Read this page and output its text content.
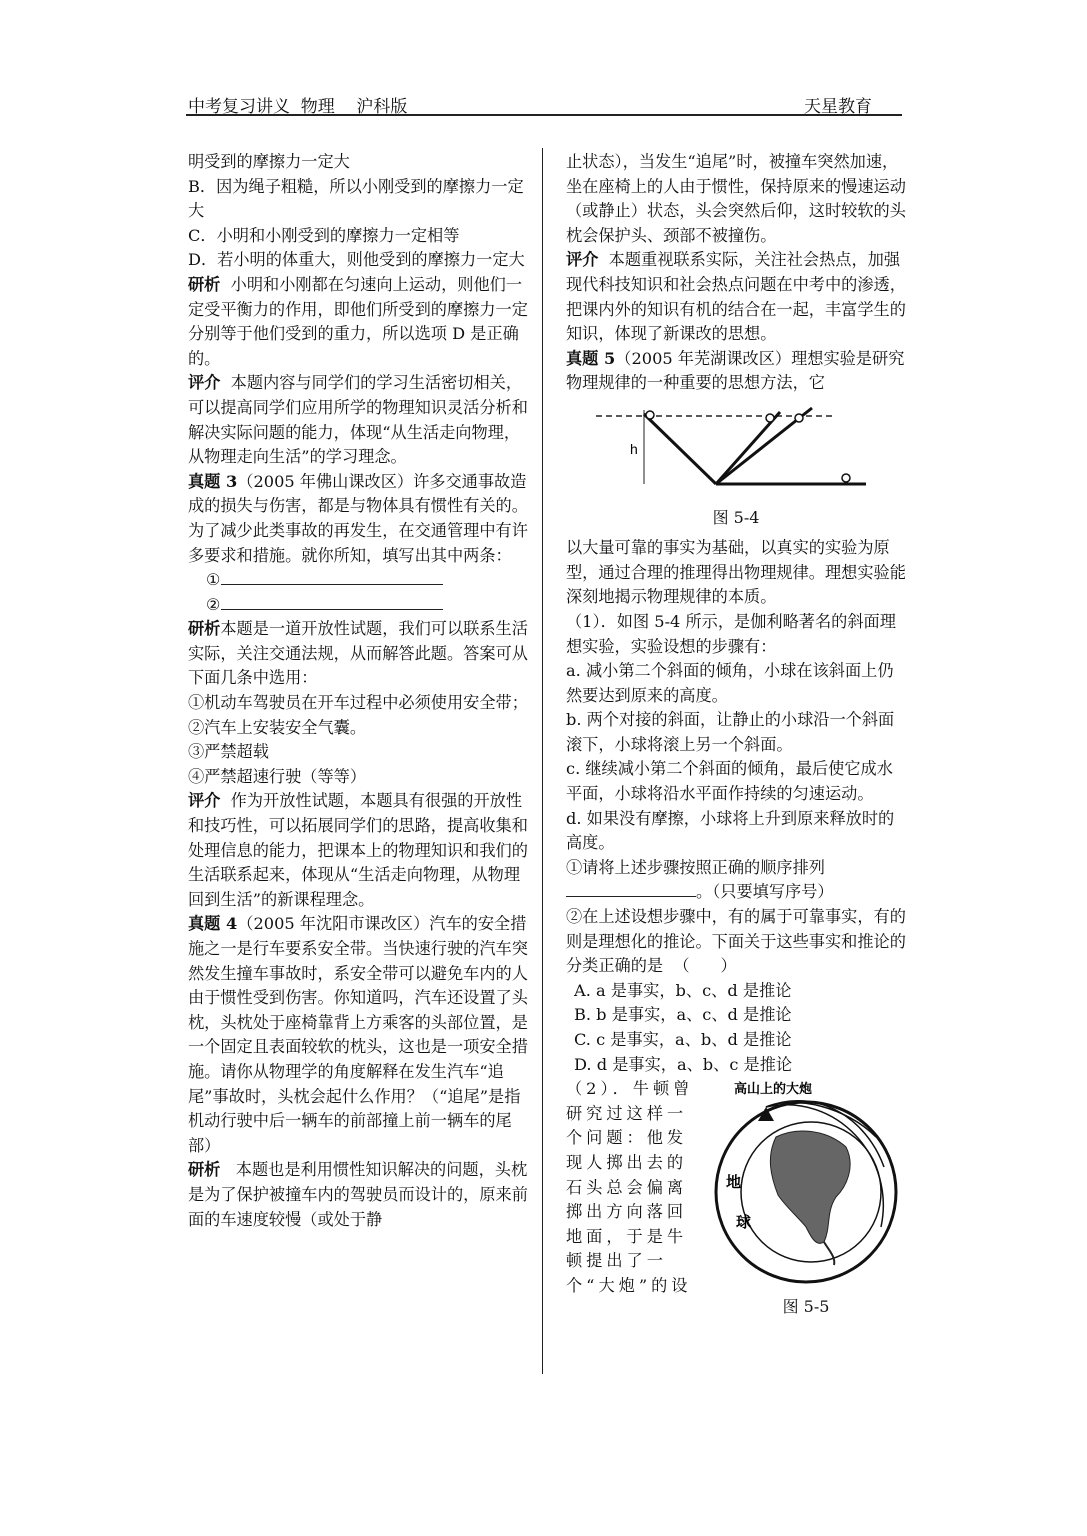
中考复习讲义  物理    沪科版	天星教育

明受到的摩擦力一定大

B．因为绳子粗糙，所以小刚受到的摩擦力一定大

C．小明和小刚受到的摩擦力一定相等

D．若小明的体重大，则他受到的摩擦力一定大

研析  小明和小刚都在匀速向上运动，则他们一定受平衡力的作用，即他们所受到的摩擦力一定分别等于他们受到的重力，所以选项 D 是正确的。

评介  本题内容与同学们的学习生活密切相关，可以提高同学们应用所学的物理知识灵活分析和解决实际问题的能力，体现“从生活走向物理，从物理走向生活”的学习理念。

真题 3（2005 年佛山课改区）许多交通事故造成的损失与伤害，都是与物体具有惯性有关的。为了减少此类事故的再发生，在交通管理中有许多要求和措施。就你所知，填写出其中两条：

①

②

研析本题是一道开放性试题，我们可以联系生活实际，关注交通法规，从而解答此题。答案可从下面几条中选用：

①机动车驾驶员在开车过程中必须使用安全带；

②汽车上安装安全气囊。

③严禁超载

④严禁超速行驶（等等）

评介  作为开放性试题，本题具有很强的开放性和技巧性，可以拓展同学们的思路，提高收集和处理信息的能力，把课本上的物理知识和我们的生活联系起来，体现从“生活走向物理，从物理回到生活”的新课程理念。

真题 4（2005 年沈阳市课改区）汽车的安全措施之一是行车要系安全带。当快速行驶的汽车突然发生撞车事故时，系安全带可以避免车内的人由于惯性受到伤害。你知道吗，汽车还设置了头枕，头枕处于座椅靠背上方乘客的头部位置，是一个固定且表面较软的枕头，这也是一项安全措施。请你从物理学的角度解释在发生汽车“追尾”事故时，头枕会起什么作用？（“追尾”是指机动行驶中后一辆车的前部撞上前一辆车的尾部）

研析   本题也是利用惯性知识解决的问题，头枕是为了保护被撞车内的驾驶员而设计的，原来前面的车速度较慢（或处于静

止状态），当发生“追尾”时，被撞车突然加速，坐在座椅上的人由于惯性，保持原来的慢速运动（或静止）状态，头会突然后仰，这时较软的头枕会保护头、颈部不被撞伤。

评介  本题重视联系实际，关注社会热点，加强现代科技知识和社会热点问题在中考中的渗透，把课内外的知识有机的结合在一起，丰富学生的知识，体现了新课改的思想。

真题 5（2005 年芜湖课改区）理想实验是研究物理规律的一种重要的思想方法，它

h
图 5-4

以大量可靠的事实为基础，以真实的实验为原型，通过合理的推理得出物理规律。理想实验能深刻地揭示物理规律的本质。

（1）．如图 5-4 所示，是伽利略著名的斜面理想实验，实验设想的步骤有：

a. 减小第二个斜面的倾角，小球在该斜面上仍然要达到原来的高度。

b. 两个对接的斜面，让静止的小球沿一个斜面滚下，小球将滚上另一个斜面。

c. 继续减小第二个斜面的倾角，最后使它成水平面，小球将沿水平面作持续的匀速运动。

d. 如果没有摩擦，小球将上升到原来释放时的高度。

①请将上述步骤按照正确的顺序排列。（只要填写序号）

②在上述设想步骤中，有的属于可靠事实，有的则是理想化的推论。下面关于这些事实和推论的分类正确的是  （      ）

A. a 是事实，b、c、d 是推论

B. b 是事实，a、c、d 是推论

C. c 是事实，a、b、d 是推论

D. d 是事实，a、b、c 是推论

（2）．牛顿曾研究过这样一个问题：他发现人掷出去的石头总会偏离掷出方向落回地面，于是牛顿提出了一个“大炮”的设
高山上的大炮
地
球
图 5-5
